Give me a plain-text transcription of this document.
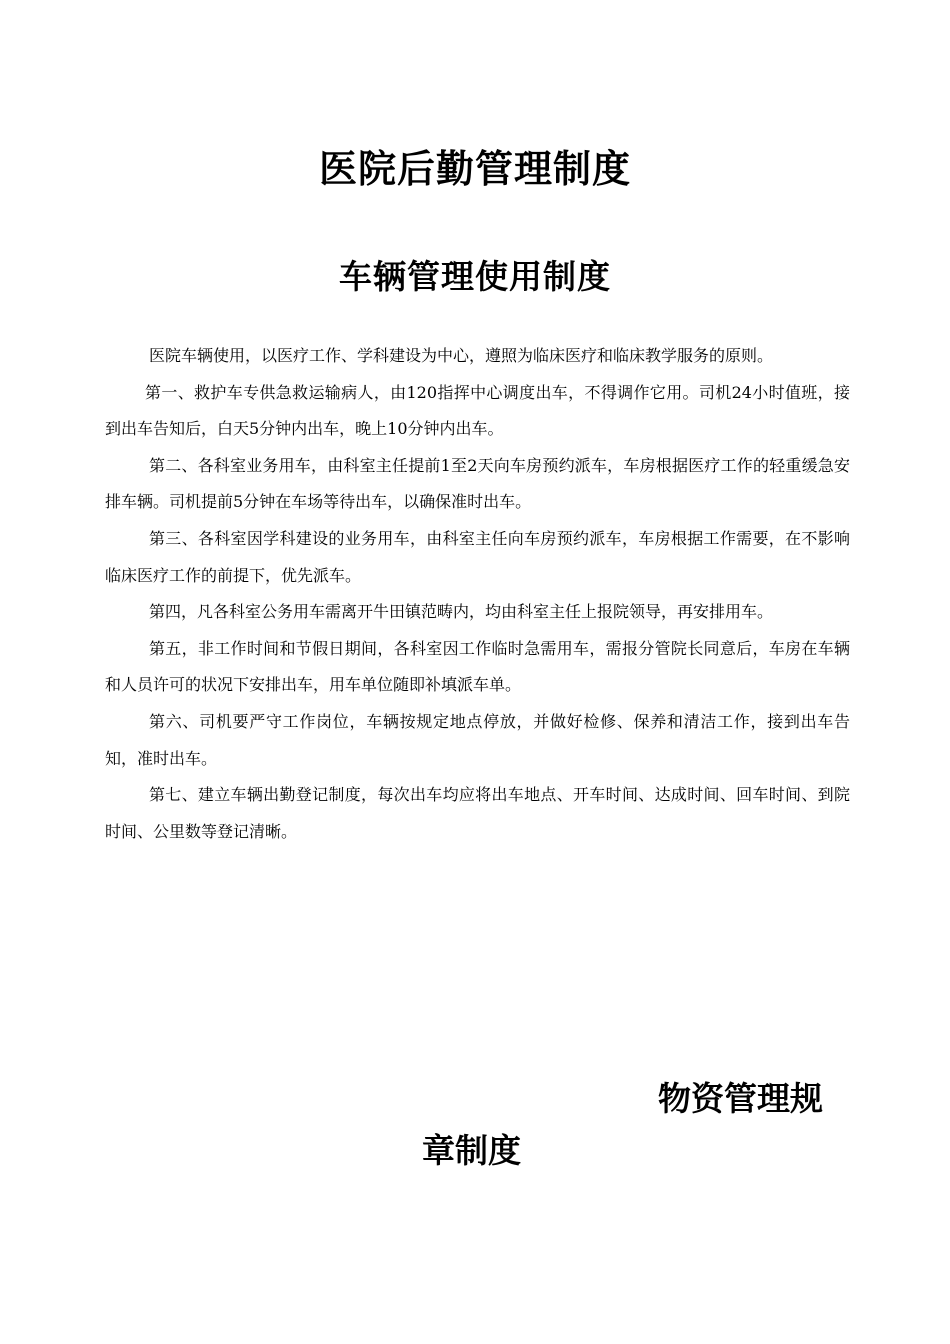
医院后勤管理制度
车辆管理使用制度

医院车辆使用，以医疗工作、学科建设为中心，遵照为临床医疗和临床教学服务的原则。

第一、救护车专供急救运输病人，由120指挥中心调度出车，不得调作它用。司机24小时值班，接到出车告知后，白天5分钟内出车，晚上10分钟内出车。

第二、各科室业务用车，由科室主任提前1至2天向车房预约派车，车房根据医疗工作的轻重缓急安排车辆。司机提前5分钟在车场等待出车，以确保准时出车。

第三、各科室因学科建设的业务用车，由科室主任向车房预约派车，车房根据工作需要，在不影响临床医疗工作的前提下，优先派车。

第四，凡各科室公务用车需离开牛田镇范畴内，均由科室主任上报院领导，再安排用车。

第五，非工作时间和节假日期间，各科室因工作临时急需用车，需报分管院长同意后，车房在车辆和人员许可的状况下安排出车，用车单位随即补填派车单。

第六、司机要严守工作岗位，车辆按规定地点停放，并做好检修、保养和清洁工作，接到出车告知，准时出车。

第七、建立车辆出勤登记制度，每次出车均应将出车地点、开车时间、达成时间、回车时间、到院时间、公里数等登记清晰。

物资管理规
章制度
